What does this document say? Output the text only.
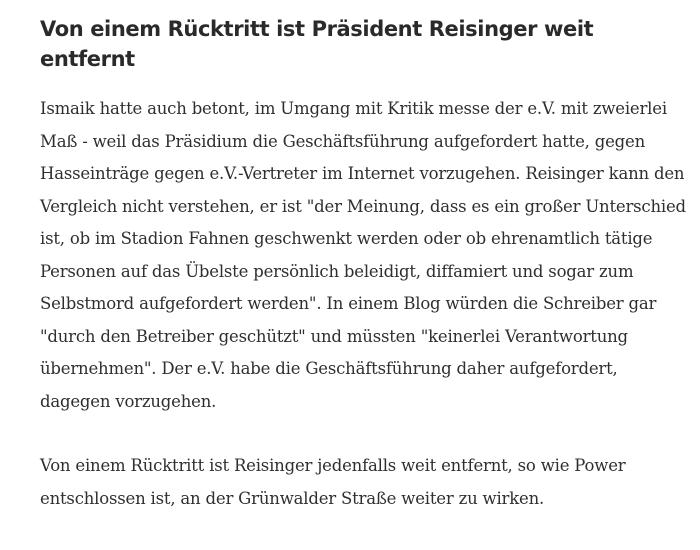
Von einem Rücktritt ist Präsident Reisinger weit entfernt

Ismaik hatte auch betont, im Umgang mit Kritik messe der e.V. mit zweierlei Maß - weil das Präsidium die Geschäftsführung aufgefordert hatte, gegen Hasseinträge gegen e.V.-Vertreter im Internet vorzugehen. Reisinger kann den Vergleich nicht verstehen, er ist "der Meinung, dass es ein großer Unterschied ist, ob im Stadion Fahnen geschwenkt werden oder ob ehrenamtlich tätige Personen auf das Übelste persönlich beleidigt, diffamiert und sogar zum Selbstmord aufgefordert werden". In einem Blog würden die Schreiber gar "durch den Betreiber geschützt" und müssten "keinerlei Verantwortung übernehmen". Der e.V. habe die Geschäftsführung daher aufgefordert, dagegen vorzugehen.

Von einem Rücktritt ist Reisinger jedenfalls weit entfernt, so wie Power entschlossen ist, an der Grünwalder Straße weiter zu wirken.
